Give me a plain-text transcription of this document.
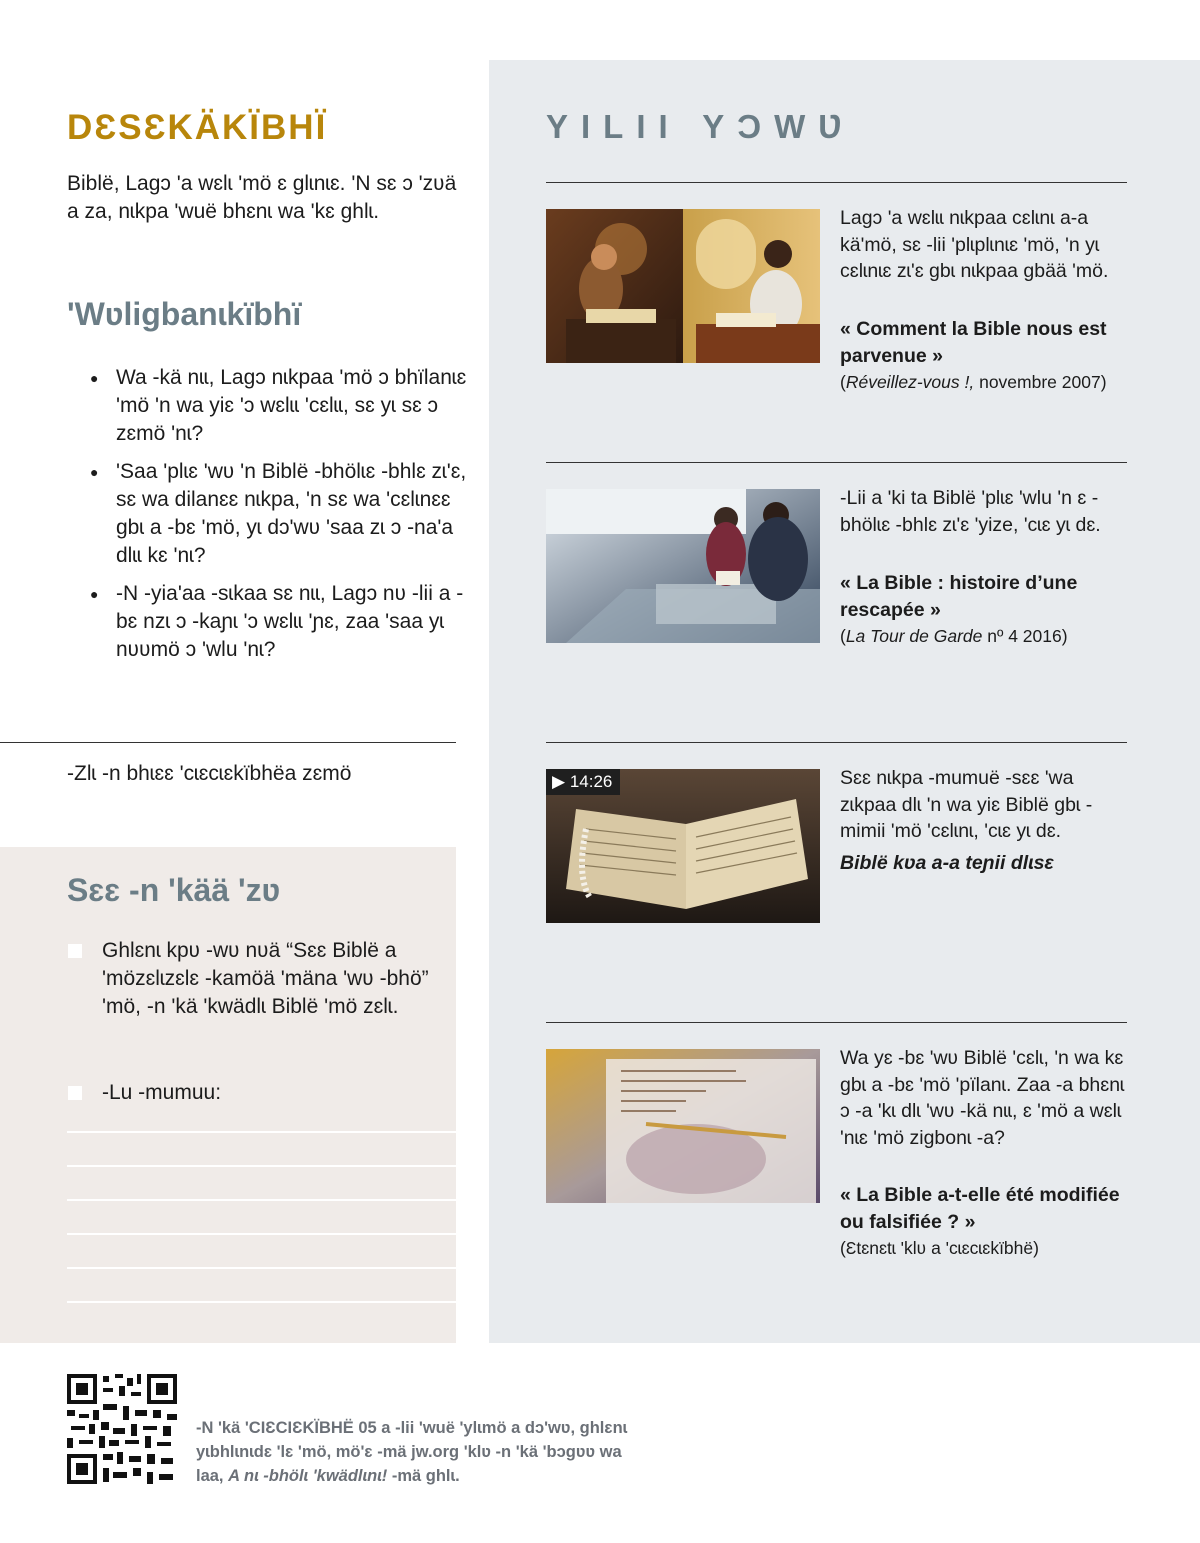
DƐSƐKÄKÏBHÏ
Biblë, Lagɔ 'a wɛlɩ 'mö ɛ glɩnɩɛ. 'N sɛ ɔ 'zʋä a za, nɩkpa 'wuë bhɛnɩ wa 'kɛ ghlɩ.
'Wʋligbanɩkïbhï
● Wa -kä nɩɩ, Lagɔ nɩkpaa 'mö ɔ bhïlanɩɛ 'mö 'n wa yiɛ 'ɔ wɛlɩɩ 'cɛlɩɩ, sɛ yɩ sɛ ɔ zɛmö 'nɩ?
● 'Saa 'plɩɛ 'wʋ 'n Biblë -bhölɩɛ -bhlɛ zɩ'ɛ, sɛ wa dilanɛɛ nɩkpa, 'n sɛ wa 'cɛlɩnɛɛ gbɩ a -bɛ 'mö, yɩ dɔ'wʋ 'saa zɩ ɔ -na'a dlɩɩ kɛ 'nɩ?
● -N -yia'aa -sɩkaa sɛ nɩɩ, Lagɔ nʋ -lii a -bɛ nzɩ ɔ -kaɲɩ 'ɔ wɛlɩɩ 'ɲɛ, zaa 'saa yɩ nʋʋmö ɔ 'wlu 'nɩ?
-Zlɩ -n bhɩɛɛ 'cɩɛcɩɛkïbhëa zɛmö
Sɛɛ -n 'kää 'zʋ
Ghlɛnɩ kpʋ -wʋ nʋä “Sɛɛ Biblë a 'mözɛlɩzɛlɛ -kamöä 'mäna 'wʋ -bhö” 'mö, -n 'kä 'kwädlɩ Biblë 'mö zɛlɩ.
-Lu -mumuu:
YILII YƆWƲ
Lagɔ 'a wɛlɩɩ nɩkpaa cɛlɩnɩ a-a kä'mö, sɛ -lii 'plɩplɩnɩɛ 'mö, 'n yɩ cɛlɩnɩɛ zɩ'ɛ gbɩ nɩkpaa gbää 'mö.
« Comment la Bible nous est parvenue »
(Réveillez-vous !, novembre 2007)
-Lii a 'ki ta Biblë 'plɩɛ 'wlu 'n ɛ -bhölɩɛ -bhlɛ zɩ'ɛ 'yize, 'cɩɛ yɩ dɛ.
« La Bible : histoire d’une rescapée »
(La Tour de Garde nº 4 2016)
▶ 14:26	Sɛɛ nɩkpa -mumuë -sɛɛ 'wa zɩkpaa dlɩ 'n wa yiɛ Biblë gbɩ -mimii 'mö 'cɛlɩnɩ, 'cɩɛ yɩ dɛ.
Biblë kʋa a-a teɲii dlɩsɛ
Wa yɛ -bɛ 'wʋ Biblë 'cɛlɩ, 'n wa kɛ gbɩ a -bɛ 'mö 'pïlanɩ. Zaa -a bhɛnɩ ɔ -a 'kɩ dlɩ 'wʋ -kä nɩɩ, ɛ 'mö a wɛlɩ 'nɩɛ 'mö zigbonɩ -a?
« La Bible a-t-elle été modifiée ou falsifiée ? »
(Ɛtɛnɛtɩ 'klʋ a 'cɩɛcɩɛkïbhë)
-N 'kä 'CIƐCIƐKÏBHË 05 a -lii 'wuë 'ylɩmö a dɔ'wʋ, ghlɛnɩ yɩbhlɩnɩdɛ 'lɛ 'mö, mö'ɛ -mä jw.org 'klʋ -n 'kä 'bɔgʋʋ wa laa, A nɩ -bhölɩ 'kwädlɩnɩ! -mä ghlɩ.
